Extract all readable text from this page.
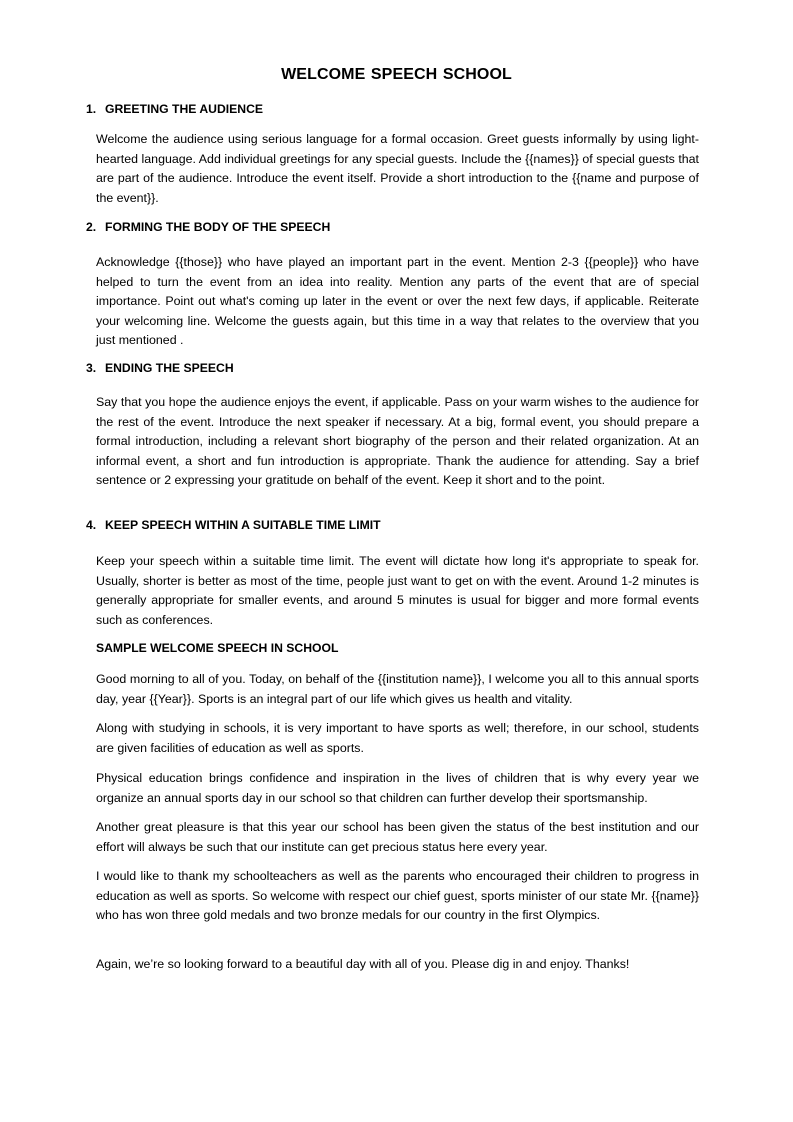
WELCOME SPEECH SCHOOL
1. GREETING THE AUDIENCE
Welcome the audience using serious language for a formal occasion. Greet guests informally by using light-hearted language. Add individual greetings for any special guests. Include the {{names}} of special guests that are part of the audience. Introduce the event itself. Provide a short introduction to the {{name and purpose of the event}}.
2. FORMING THE BODY OF THE SPEECH
Acknowledge {{those}} who have played an important part in the event. Mention 2-3 {{people}} who have helped to turn the event from an idea into reality. Mention any parts of the event that are of special importance. Point out what's coming up later in the event or over the next few days, if applicable. Reiterate your welcoming line. Welcome the guests again, but this time in a way that relates to the overview that you just mentioned .
3. ENDING THE SPEECH
Say that you hope the audience enjoys the event, if applicable. Pass on your warm wishes to the audience for the rest of the event. Introduce the next speaker if necessary. At a big, formal event, you should prepare a formal introduction, including a relevant short biography of the person and their related organization. At an informal event, a short and fun introduction is appropriate. Thank the audience for attending. Say a brief sentence or 2 expressing your gratitude on behalf of the event. Keep it short and to the point.
4. KEEP SPEECH WITHIN A SUITABLE TIME LIMIT
Keep your speech within a suitable time limit. The event will dictate how long it's appropriate to speak for. Usually, shorter is better as most of the time, people just want to get on with the event. Around 1-2 minutes is generally appropriate for smaller events, and around 5 minutes is usual for bigger and more formal events such as conferences.
SAMPLE WELCOME SPEECH IN SCHOOL
Good morning to all of you. Today, on behalf of the {{institution name}}, I welcome you all to this annual sports day, year {{Year}}. Sports is an integral part of our life which gives us health and vitality.
Along with studying in schools, it is very important to have sports as well; therefore, in our school, students are given facilities of education as well as sports.
Physical education brings confidence and inspiration in the lives of children that is why every year we organize an annual sports day in our school so that children can further develop their sportsmanship.
Another great pleasure is that this year our school has been given the status of the best institution and our effort will always be such that our institute can get precious status here every year.
I would like to thank my schoolteachers as well as the parents who encouraged their children to progress in education as well as sports. So welcome with respect our chief guest, sports minister of our state Mr. {{name}} who has won three gold medals and two bronze medals for our country in the first Olympics.
Again, we’re so looking forward to a beautiful day with all of you. Please dig in and enjoy. Thanks!
